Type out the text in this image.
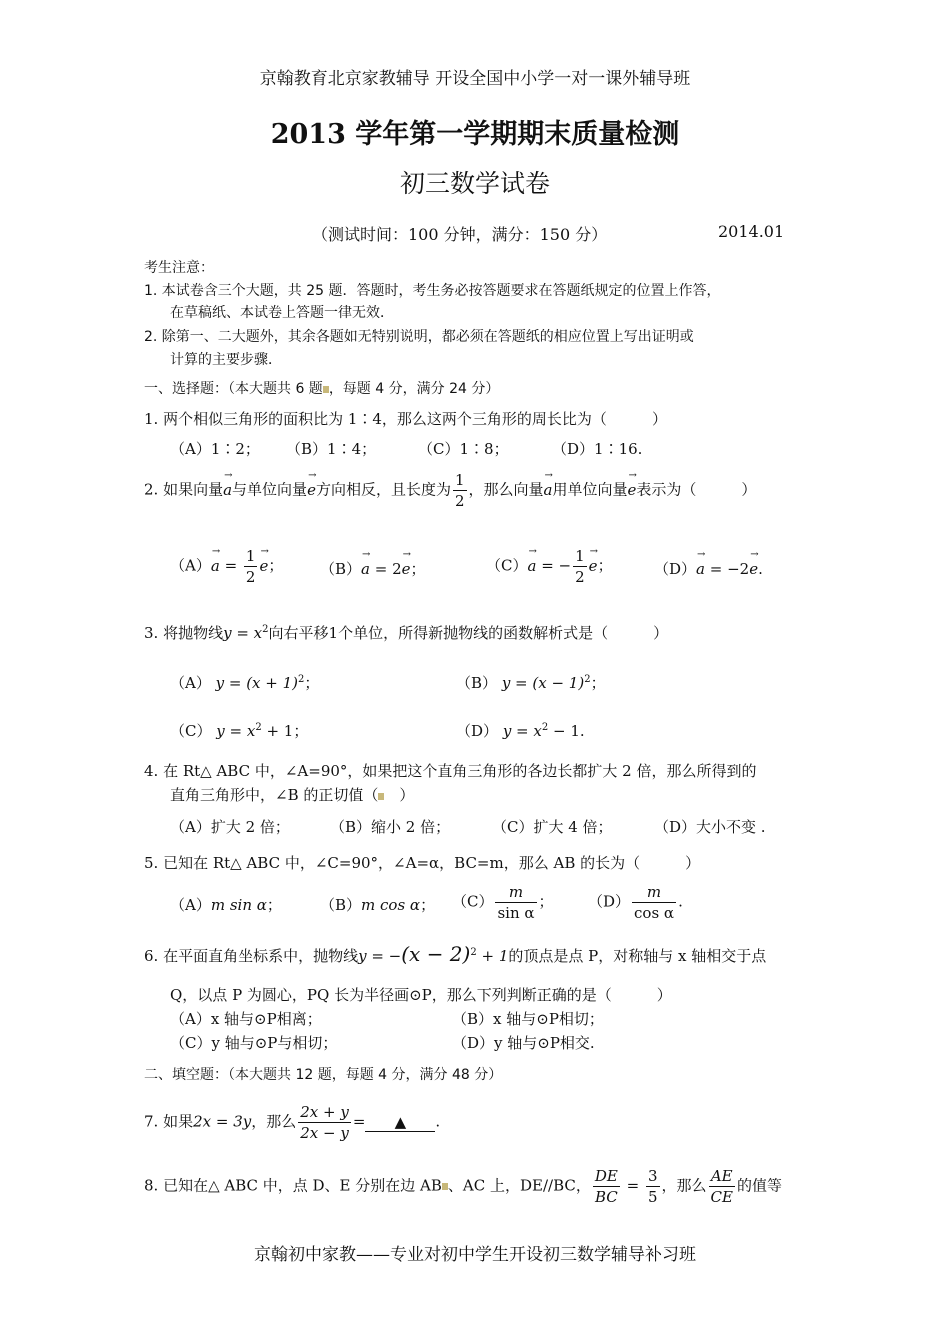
京翰教育北京家教辅导 开设全国中小学一对一课外辅导班
2013 学年第一学期期末质量检测
初三数学试卷
（测试时间：100 分钟，满分：150 分）	2014.01
考生注意：
1. 本试卷含三个大题，共 25 题．答题时，考生务必按答题要求在答题纸规定的位置上作答，
在草稿纸、本试卷上答题一律无效．
2. 除第一、二大题外，其余各题如无特别说明，都必须在答题纸的相应位置上写出证明或
计算的主要步骤．
一、选择题：（本大题共 6 题 ，每题 4 分，满分 24 分）
1. 两个相似三角形的面积比为 1∶4，那么这两个三角形的周长比为（　　　）
（A）1∶2； （B）1∶4；	（C）1∶8；	（D）1∶16.
2. 如果向量a →与单位向量e →方向相反，且长度为 $\frac{1}{2}$ ，那么向量a →用单位向量e →表示为（　　　）
（A）a → = $\frac{1}{2}$ e →； （B）a → = 2e →；	（C）a → = − $\frac{1}{2}$ e →；	（D）a → = −2e →.
3. 将抛物线$y = x^2$向右平移1个单位，所得新抛物线的函数解析式是（　　　）
（A） $y = (x + 1)^2$；	（B） $y = (x - 1)^2$；
（C） $y = x^2 + 1$；	（D） $y = x^2 - 1$.
4. 在 Rt△ ABC 中，∠A=90°，如果把这个直角三角形的各边长都扩大 2 倍，那么所得到的
直角三角形中，∠B 的正切值（　）
（A）扩大 2 倍；	（B）缩小 2 倍；	（C）扩大 4 倍；	（D）大小不变 .
5. 已知在 Rt△ ABC 中，∠C=90°，∠A=α，BC=m，那么 AB 的长为（　　　）
（A）m sin α；	（B）m cos α； $(C) \frac{m}{\text{sin α}}$ ； $(D) \frac{m}{\text{cos α}}$ .
6. 在平面直角坐标系中，抛物线$y = -(x - 2)^2 + 1$的顶点是点 P，对称轴与 x 轴相交于点
Q，以点 P 为圆心，PQ 长为半径画⊙P，那么下列判断正确的是（　　　）
（A）x 轴与⊙P相离；	（B）x 轴与⊙P相切；
（C）y 轴与⊙P与相切；	（D）y 轴与⊙P相交.
二、填空题：（本大题共 12 题，每题 4 分，满分 48 分）
7. 如果2x = 3y，那么 $\frac{2x + y}{2x - y}$ = ▲ .
8. 已知在△ ABC 中，点 D、E 分别在边 AB 、AC 上，DE//BC， $\frac{DE}{BC} = \frac{3}{5}$ ，那么 $\frac{AE}{CE}$ 的值等
京翰初中家教——专业对初中学生开设初三数学辅导补习班
